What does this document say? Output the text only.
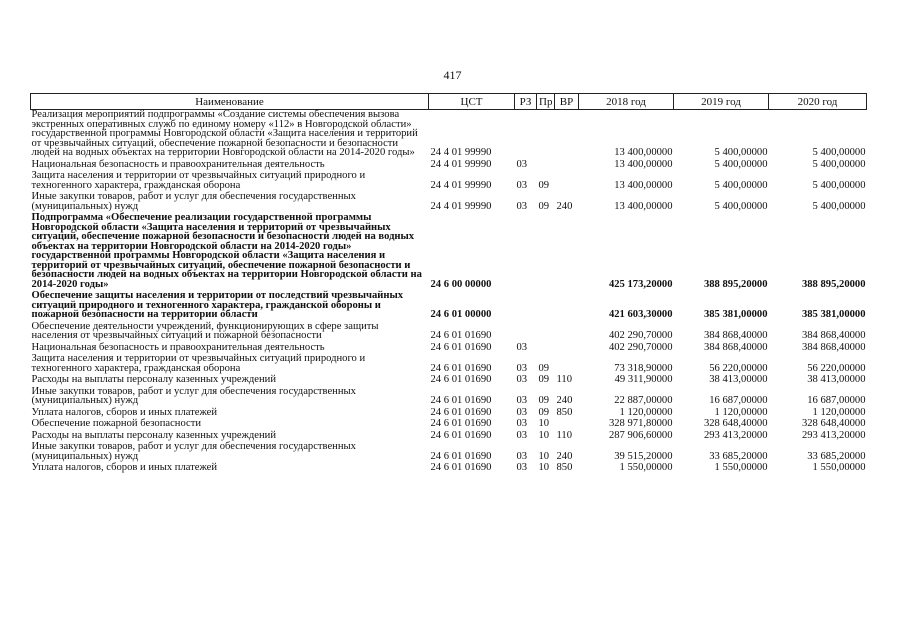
417
Наименование	ЦСТ	РЗ	Пр	ВР	2018 год	2019 год	2020 год
Реализация мероприятий подпрограммы «Создание системы обеспечения вызова экстренных оперативных служб по единому номеру «112» в Новгородской области» государственной программы Новгородской области «Защита населения и территорий от чрезвычайных ситуаций, обеспечение пожарной безопасности и безопасности людей на водных объектах на территории Новгородской области на 2014-2020 годы»	24 4 01 99990				13 400,00000	5 400,00000	5 400,00000
Национальная безопасность и правоохранительная деятельность	24 4 01 99990	03			13 400,00000	5 400,00000	5 400,00000
Защита населения и территории от чрезвычайных ситуаций природного и техногенного характера, гражданская оборона	24 4 01 99990	03	09		13 400,00000	5 400,00000	5 400,00000
Иные закупки товаров, работ и услуг для обеспечения государственных (муниципальных) нужд	24 4 01 99990	03	09	240	13 400,00000	5 400,00000	5 400,00000
Подпрограмма «Обеспечение реализации государственной программы Новгородской области «Защита населения и территорий от чрезвычайных ситуаций, обеспечение пожарной безопасности и безопасности людей на водных объектах на территории Новгородской области на 2014-2020 годы» государственной программы Новгородской области «Защита населения и территорий от чрезвычайных ситуаций, обеспечение пожарной безопасности и безопасности людей на водных объектах на территории Новгородской области на 2014-2020 годы»	24 6 00 00000				425 173,20000	388 895,20000	388 895,20000
Обеспечение защиты населения и территории от последствий чрезвычайных ситуаций природного и техногенного характера, гражданской обороны и пожарной безопасности на территории области	24 6 01 00000				421 603,30000	385 381,00000	385 381,00000
Обеспечение деятельности учреждений, функционирующих в сфере защиты населения от чрезвычайных ситуаций и пожарной безопасности	24 6 01 01690				402 290,70000	384 868,40000	384 868,40000
Национальная безопасность и правоохранительная деятельность	24 6 01 01690	03			402 290,70000	384 868,40000	384 868,40000
Защита населения и территории от чрезвычайных ситуаций природного и техногенного характера, гражданская оборона	24 6 01 01690	03	09		73 318,90000	56 220,00000	56 220,00000
Расходы на выплаты персоналу казенных учреждений	24 6 01 01690	03	09	110	49 311,90000	38 413,00000	38 413,00000
Иные закупки товаров, работ и услуг для обеспечения государственных (муниципальных) нужд	24 6 01 01690	03	09	240	22 887,00000	16 687,00000	16 687,00000
Уплата налогов, сборов и иных платежей	24 6 01 01690	03	09	850	1 120,00000	1 120,00000	1 120,00000
Обеспечение пожарной безопасности	24 6 01 01690	03	10		328 971,80000	328 648,40000	328 648,40000
Расходы на выплаты персоналу казенных учреждений	24 6 01 01690	03	10	110	287 906,60000	293 413,20000	293 413,20000
Иные закупки товаров, работ и услуг для обеспечения государственных (муниципальных) нужд	24 6 01 01690	03	10	240	39 515,20000	33 685,20000	33 685,20000
Уплата налогов, сборов и иных платежей	24 6 01 01690	03	10	850	1 550,00000	1 550,00000	1 550,00000
